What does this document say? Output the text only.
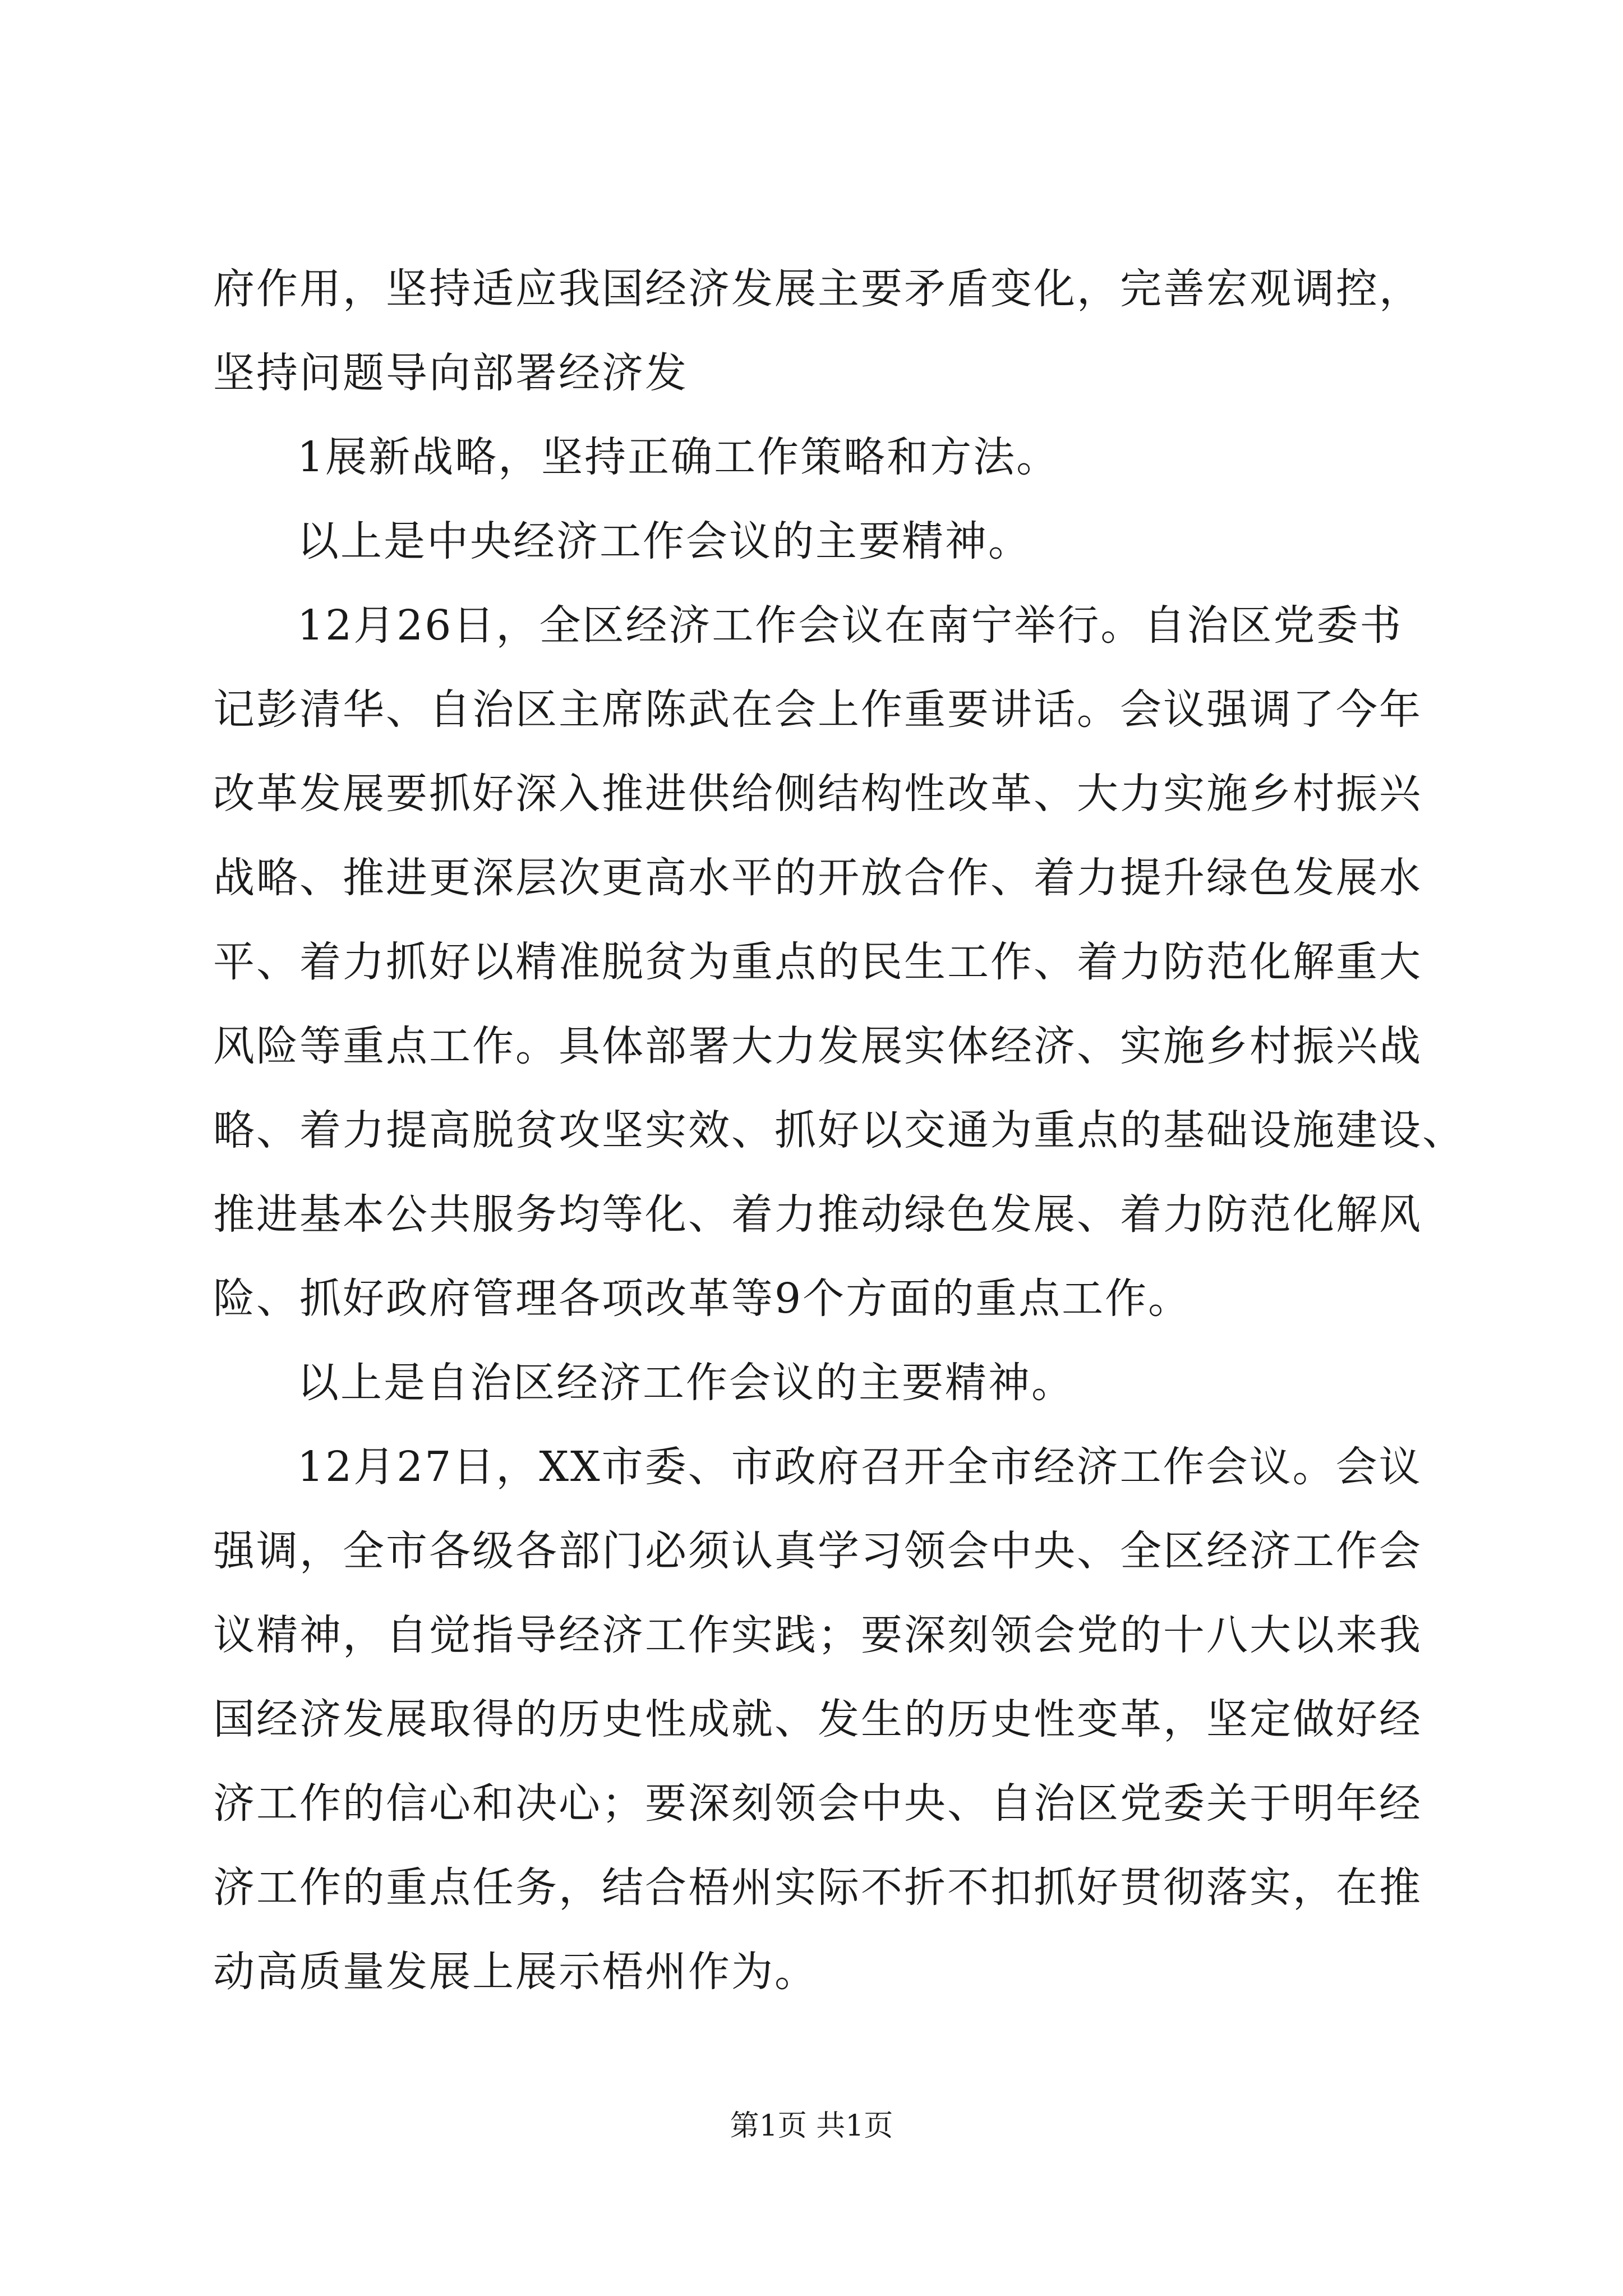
府作用，坚持适应我国经济发展主要矛盾变化，完善宏观调控，
坚持问题导向部署经济发
1展新战略，坚持正确工作策略和方法。
以上是中央经济工作会议的主要精神。
12月26日，全区经济工作会议在南宁举行。自治区党委书
记彭清华、自治区主席陈武在会上作重要讲话。会议强调了今年
改革发展要抓好深入推进供给侧结构性改革、大力实施乡村振兴
战略、推进更深层次更高水平的开放合作、着力提升绿色发展水
平、着力抓好以精准脱贫为重点的民生工作、着力防范化解重大
风险等重点工作。具体部署大力发展实体经济、实施乡村振兴战
略、着力提高脱贫攻坚实效、抓好以交通为重点的基础设施建设、
推进基本公共服务均等化、着力推动绿色发展、着力防范化解风
险、抓好政府管理各项改革等9个方面的重点工作。
以上是自治区经济工作会议的主要精神。
12月27日，XX市委、市政府召开全市经济工作会议。会议
强调，全市各级各部门必须认真学习领会中央、全区经济工作会
议精神，自觉指导经济工作实践；要深刻领会党的十八大以来我
国经济发展取得的历史性成就、发生的历史性变革，坚定做好经
济工作的信心和决心；要深刻领会中央、自治区党委关于明年经
济工作的重点任务，结合梧州实际不折不扣抓好贯彻落实，在推
动高质量发展上展示梧州作为。
第1页 共1页
